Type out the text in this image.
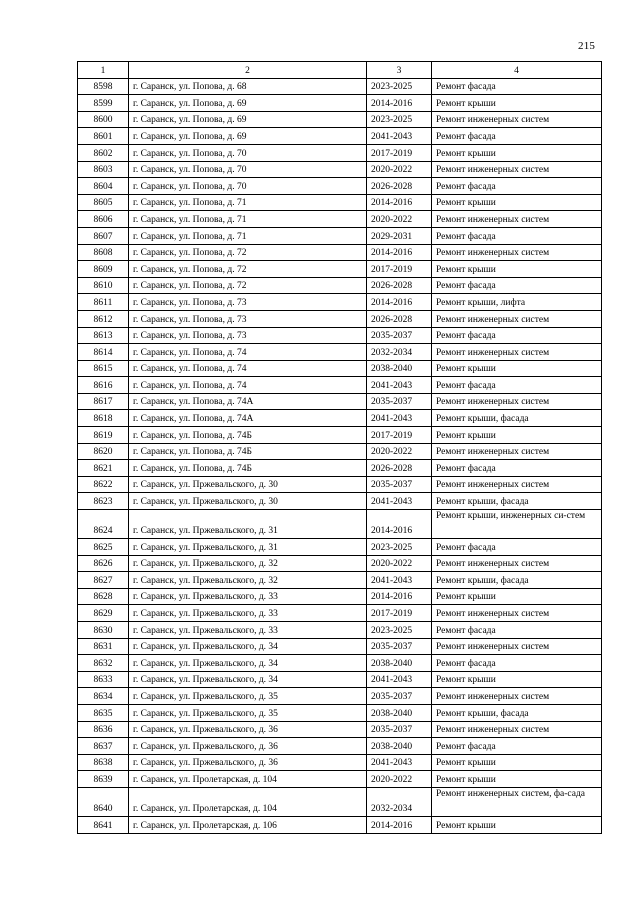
215
1	2	3	4
8598	г. Саранск, ул. Попова, д. 68	2023-2025	Ремонт фасада
8599	г. Саранск, ул. Попова, д. 69	2014-2016	Ремонт крыши
8600	г. Саранск, ул. Попова, д. 69	2023-2025	Ремонт инженерных систем
8601	г. Саранск, ул. Попова, д. 69	2041-2043	Ремонт фасада
8602	г. Саранск, ул. Попова, д. 70	2017-2019	Ремонт крыши
8603	г. Саранск, ул. Попова, д. 70	2020-2022	Ремонт инженерных систем
8604	г. Саранск, ул. Попова, д. 70	2026-2028	Ремонт фасада
8605	г. Саранск, ул. Попова, д. 71	2014-2016	Ремонт крыши
8606	г. Саранск, ул. Попова, д. 71	2020-2022	Ремонт инженерных систем
8607	г. Саранск, ул. Попова, д. 71	2029-2031	Ремонт фасада
8608	г. Саранск, ул. Попова, д. 72	2014-2016	Ремонт инженерных систем
8609	г. Саранск, ул. Попова, д. 72	2017-2019	Ремонт крыши
8610	г. Саранск, ул. Попова, д. 72	2026-2028	Ремонт фасада
8611	г. Саранск, ул. Попова, д. 73	2014-2016	Ремонт крыши, лифта
8612	г. Саранск, ул. Попова, д. 73	2026-2028	Ремонт инженерных систем
8613	г. Саранск, ул. Попова, д. 73	2035-2037	Ремонт фасада
8614	г. Саранск, ул. Попова, д. 74	2032-2034	Ремонт инженерных систем
8615	г. Саранск, ул. Попова, д. 74	2038-2040	Ремонт крыши
8616	г. Саранск, ул. Попова, д. 74	2041-2043	Ремонт фасада
8617	г. Саранск, ул. Попова, д. 74А	2035-2037	Ремонт инженерных систем
8618	г. Саранск, ул. Попова, д. 74А	2041-2043	Ремонт крыши, фасада
8619	г. Саранск, ул. Попова, д. 74Б	2017-2019	Ремонт крыши
8620	г. Саранск, ул. Попова, д. 74Б	2020-2022	Ремонт инженерных систем
8621	г. Саранск, ул. Попова, д. 74Б	2026-2028	Ремонт фасада
8622	г. Саранск, ул. Пржевальского, д. 30	2035-2037	Ремонт инженерных систем
8623	г. Саранск, ул. Пржевальского, д. 30	2041-2043	Ремонт крыши, фасада
8624	г. Саранск, ул. Пржевальского, д. 31	2014-2016	Ремонт крыши, инженерных си-стем
8625	г. Саранск, ул. Пржевальского, д. 31	2023-2025	Ремонт фасада
8626	г. Саранск, ул. Пржевальского, д. 32	2020-2022	Ремонт инженерных систем
8627	г. Саранск, ул. Пржевальского, д. 32	2041-2043	Ремонт крыши, фасада
8628	г. Саранск, ул. Пржевальского, д. 33	2014-2016	Ремонт крыши
8629	г. Саранск, ул. Пржевальского, д. 33	2017-2019	Ремонт инженерных систем
8630	г. Саранск, ул. Пржевальского, д. 33	2023-2025	Ремонт фасада
8631	г. Саранск, ул. Пржевальского, д. 34	2035-2037	Ремонт инженерных систем
8632	г. Саранск, ул. Пржевальского, д. 34	2038-2040	Ремонт фасада
8633	г. Саранск, ул. Пржевальского, д. 34	2041-2043	Ремонт крыши
8634	г. Саранск, ул. Пржевальского, д. 35	2035-2037	Ремонт инженерных систем
8635	г. Саранск, ул. Пржевальского, д. 35	2038-2040	Ремонт крыши, фасада
8636	г. Саранск, ул. Пржевальского, д. 36	2035-2037	Ремонт инженерных систем
8637	г. Саранск, ул. Пржевальского, д. 36	2038-2040	Ремонт фасада
8638	г. Саранск, ул. Пржевальского, д. 36	2041-2043	Ремонт крыши
8639	г. Саранск, ул. Пролетарская, д. 104	2020-2022	Ремонт крыши
8640	г. Саранск, ул. Пролетарская, д. 104	2032-2034	Ремонт инженерных систем, фа-сада
8641	г. Саранск, ул. Пролетарская, д. 106	2014-2016	Ремонт крыши
